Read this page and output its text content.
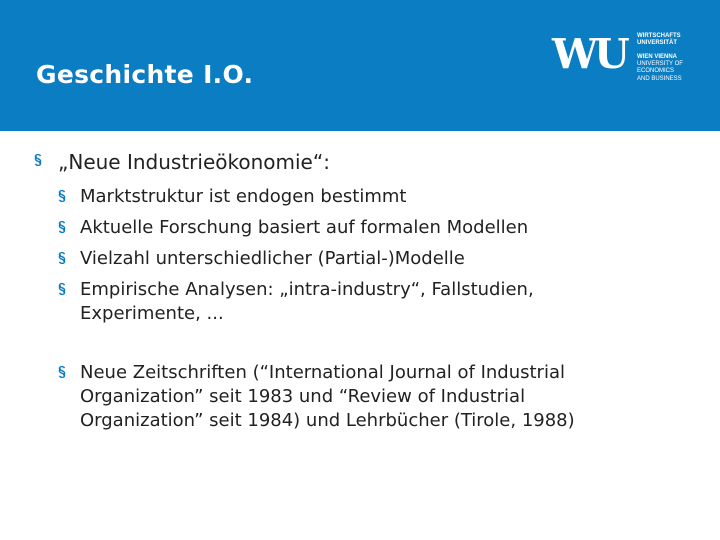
Geschichte I.O.	WU WIRTSCHAFTS
UNIVERSITÄT
WIEN VIENNA
UNIVERSITY OF
ECONOMICS
AND BUSINESS

„Neue Industrieökonomie“:

Marktstruktur ist endogen bestimmt

Aktuelle Forschung basiert auf formalen Modellen

Vielzahl unterschiedlicher (Partial-)Modelle

Empirische Analysen: „intra-industry“, Fallstudien,

Experimente, ...

Neue Zeitschriften (“International Journal of Industrial

Organization” seit 1983 und “Review of Industrial

Organization” seit 1984) und Lehrbücher (Tirole, 1988)
